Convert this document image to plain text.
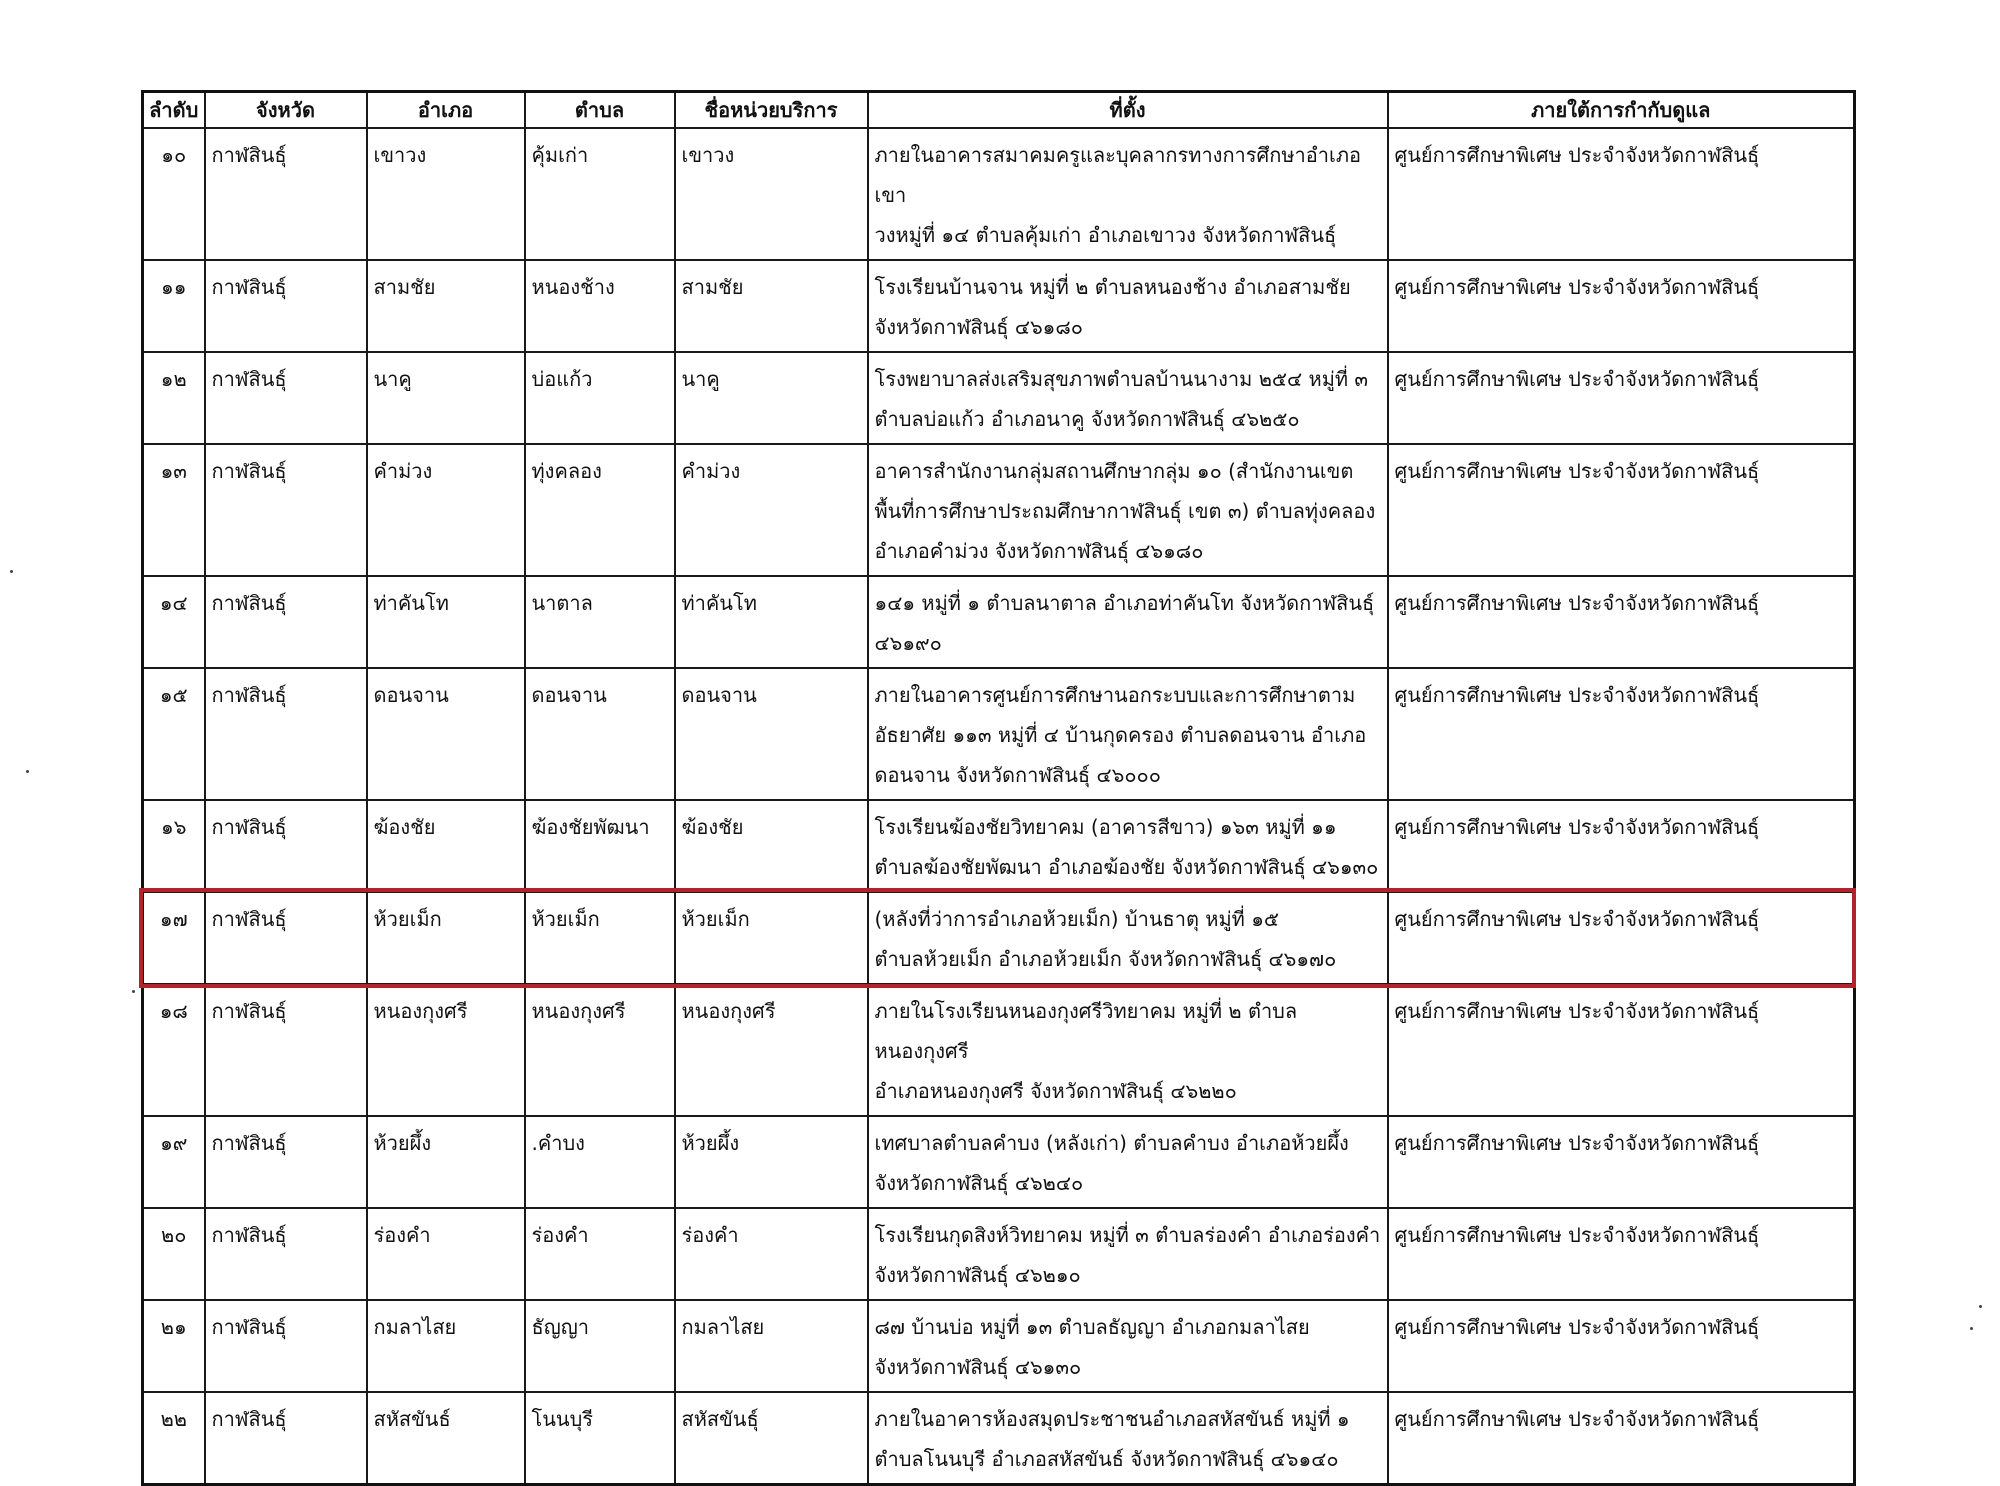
ลำดับ	จังหวัด	อำเภอ	ตำบล	ชื่อหน่วยบริการ	ที่ตั้ง	ภายใต้การกำกับดูแล
๑๐	กาฬสินธุ์	เขาวง	คุ้มเก่า	เขาวง	ภายในอาคารสมาคมครูและบุคลากรทางการศึกษาอำเภอเขา
วงหมู่ที่ ๑๔ ตำบลคุ้มเก่า อำเภอเขาวง จังหวัดกาฬสินธุ์	ศูนย์การศึกษาพิเศษ ประจำจังหวัดกาฬสินธุ์
๑๑	กาฬสินธุ์	สามชัย	หนองช้าง	สามชัย	โรงเรียนบ้านจาน หมู่ที่ ๒ ตำบลหนองช้าง อำเภอสามชัย
จังหวัดกาฬสินธุ์ ๔๖๑๘๐	ศูนย์การศึกษาพิเศษ ประจำจังหวัดกาฬสินธุ์
๑๒	กาฬสินธุ์	นาคู	บ่อแก้ว	นาคู	โรงพยาบาลส่งเสริมสุขภาพตำบลบ้านนางาม ๒๕๔ หมู่ที่ ๓
ตำบลบ่อแก้ว อำเภอนาคู จังหวัดกาฬสินธุ์ ๔๖๒๕๐	ศูนย์การศึกษาพิเศษ ประจำจังหวัดกาฬสินธุ์
๑๓	กาฬสินธุ์	คำม่วง	ทุ่งคลอง	คำม่วง	อาคารสำนักงานกลุ่มสถานศึกษากลุ่ม ๑๐ (สำนักงานเขต
พื้นที่การศึกษาประถมศึกษากาฬสินธุ์ เขต ๓) ตำบลทุ่งคลอง
อำเภอคำม่วง จังหวัดกาฬสินธุ์ ๔๖๑๘๐	ศูนย์การศึกษาพิเศษ ประจำจังหวัดกาฬสินธุ์
๑๔	กาฬสินธุ์	ท่าคันโท	นาตาล	ท่าคันโท	๑๔๑ หมู่ที่ ๑ ตำบลนาตาล อำเภอท่าคันโท จังหวัดกาฬสินธุ์
๔๖๑๙๐	ศูนย์การศึกษาพิเศษ ประจำจังหวัดกาฬสินธุ์
๑๕	กาฬสินธุ์	ดอนจาน	ดอนจาน	ดอนจาน	ภายในอาคารศูนย์การศึกษานอกระบบและการศึกษาตาม
อัธยาศัย ๑๑๓ หมู่ที่ ๔ บ้านกุดครอง ตำบลดอนจาน อำเภอ
ดอนจาน จังหวัดกาฬสินธุ์ ๔๖๐๐๐	ศูนย์การศึกษาพิเศษ ประจำจังหวัดกาฬสินธุ์
๑๖	กาฬสินธุ์	ฆ้องชัย	ฆ้องชัยพัฒนา	ฆ้องชัย	โรงเรียนฆ้องชัยวิทยาคม (อาคารสีขาว) ๑๖๓ หมู่ที่ ๑๑
ตำบลฆ้องชัยพัฒนา อำเภอฆ้องชัย จังหวัดกาฬสินธุ์ ๔๖๑๓๐	ศูนย์การศึกษาพิเศษ ประจำจังหวัดกาฬสินธุ์
๑๗	กาฬสินธุ์	ห้วยเม็ก	ห้วยเม็ก	ห้วยเม็ก	(หลังที่ว่าการอำเภอห้วยเม็ก) บ้านธาตุ หมู่ที่ ๑๕
ตำบลห้วยเม็ก อำเภอห้วยเม็ก จังหวัดกาฬสินธุ์ ๔๖๑๗๐	ศูนย์การศึกษาพิเศษ ประจำจังหวัดกาฬสินธุ์
๑๘	กาฬสินธุ์	หนองกุงศรี	หนองกุงศรี	หนองกุงศรี	ภายในโรงเรียนหนองกุงศรีวิทยาคม หมู่ที่ ๒ ตำบลหนองกุงศรี
อำเภอหนองกุงศรี จังหวัดกาฬสินธุ์ ๔๖๒๒๐	ศูนย์การศึกษาพิเศษ ประจำจังหวัดกาฬสินธุ์
๑๙	กาฬสินธุ์	ห้วยผึ้ง	.คำบง	ห้วยผึ้ง	เทศบาลตำบลคำบง (หลังเก่า) ตำบลคำบง อำเภอห้วยผึ้ง
จังหวัดกาฬสินธุ์ ๔๖๒๔๐	ศูนย์การศึกษาพิเศษ ประจำจังหวัดกาฬสินธุ์
๒๐	กาฬสินธุ์	ร่องคำ	ร่องคำ	ร่องคำ	โรงเรียนกุดสิงห์วิทยาคม หมู่ที่ ๓ ตำบลร่องคำ อำเภอร่องคำ
จังหวัดกาฬสินธุ์ ๔๖๒๑๐	ศูนย์การศึกษาพิเศษ ประจำจังหวัดกาฬสินธุ์
๒๑	กาฬสินธุ์	กมลาไสย	ธัญญา	กมลาไสย	๘๗ บ้านบ่อ หมู่ที่ ๑๓ ตำบลธัญญา อำเภอกมลาไสย
จังหวัดกาฬสินธุ์ ๔๖๑๓๐	ศูนย์การศึกษาพิเศษ ประจำจังหวัดกาฬสินธุ์
๒๒	กาฬสินธุ์	สหัสขันธ์	โนนบุรี	สหัสขันธุ์	ภายในอาคารห้องสมุดประชาชนอำเภอสหัสขันธ์ หมู่ที่ ๑
ตำบลโนนบุรี อำเภอสหัสขันธ์ จังหวัดกาฬสินธุ์ ๔๖๑๔๐	ศูนย์การศึกษาพิเศษ ประจำจังหวัดกาฬสินธุ์
